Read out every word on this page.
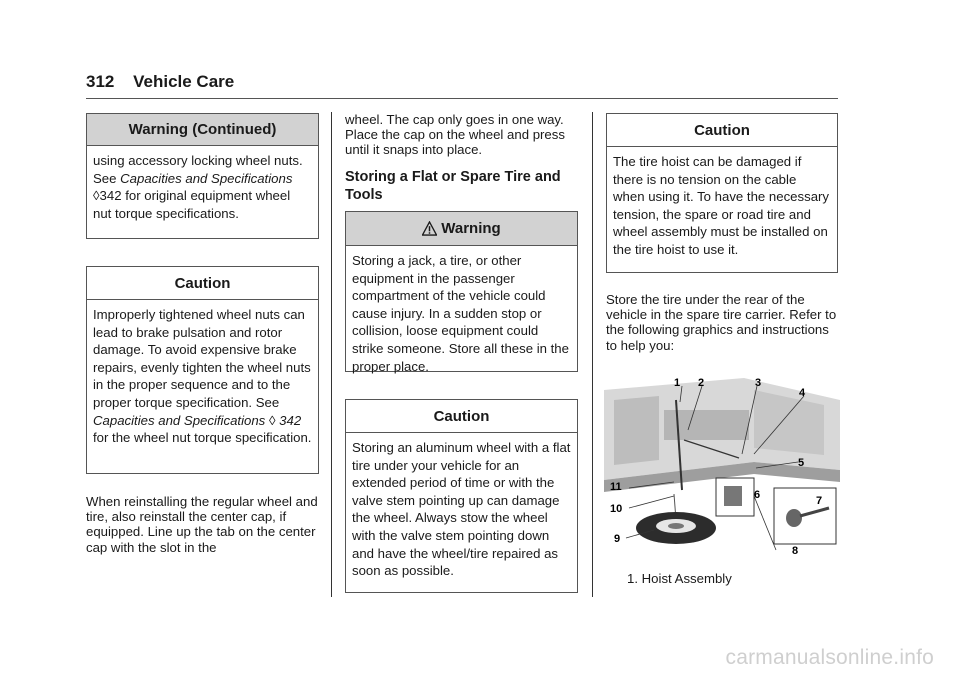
312 Vehicle Care
Warning (Continued)
using accessory locking wheel nuts. See Capacities and Specifications ◊342 for original equipment wheel nut torque specifications.
Caution
Improperly tightened wheel nuts can lead to brake pulsation and rotor damage. To avoid expensive brake repairs, evenly tighten the wheel nuts in the proper sequence and to the proper torque specification. See Capacities and Specifications ◊ 342 for the wheel nut torque specification.
When reinstalling the regular wheel and tire, also reinstall the center cap, if equipped. Line up the tab on the center cap with the slot in the
wheel. The cap only goes in one way. Place the cap on the wheel and press until it snaps into place.
Storing a Flat or Spare Tire and Tools
Warning
Storing a jack, a tire, or other equipment in the passenger compartment of the vehicle could cause injury. In a sudden stop or collision, loose equipment could strike someone. Store all these in the proper place.
Caution
Storing an aluminum wheel with a flat tire under your vehicle for an extended period of time or with the valve stem pointing up can damage the wheel. Always stow the wheel with the valve stem pointing down and have the wheel/tire repaired as soon as possible.
Caution
The tire hoist can be damaged if there is no tension on the cable when using it. To have the necessary tension, the spare or road tire and wheel assembly must be installed on the tire hoist to use it.
Store the tire under the rear of the vehicle in the spare tire carrier. Refer to the following graphics and instructions to help you:
1 2	3
4
5
6	7
8
9
10
11
1. Hoist Assembly
carmanualsonline.info
